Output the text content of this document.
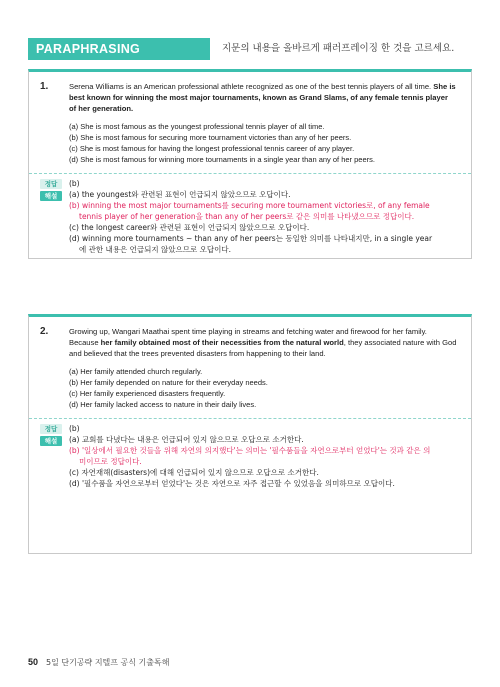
PARAPHRASING	지문의 내용을 올바르게 패러프레이징 한 것을 고르세요.
1.	Serena Williams is an American professional athlete recognized as one of the best tennis players of all time. She is best known for winning the most major tournaments, known as Grand Slams, of any female tennis player of her generation.

(a) She is most famous as the youngest professional tennis player of all time.
(b) She is most famous for securing more tournament victories than any of her peers.
(c) She is most famous for having the longest professional tennis career of any player.
(d) She is most famous for winning more tournaments in a single year than any of her peers.
정답
해설
(b)
(a) the youngest와 관련된 표현이 언급되지 않았으므로 오답이다.
(b) winning the most major tournaments를 securing more tournament victories로, of any female
tennis player of her generation을 than any of her peers로 같은 의미를 나타냈으므로 정답이다.
(c) the longest career와 관련된 표현이 언급되지 않았으므로 오답이다.
(d) winning more tournaments ~ than any of her peers는 동일한 의미를 나타내지만, in a single year
에 관한 내용은 언급되지 않았으므로 오답이다.
2.	Growing up, Wangari Maathai spent time playing in streams and fetching water and firewood for her family. Because her family obtained most of their necessities from the natural world, they associated nature with God and believed that the trees prevented disasters from happening to their land.

(a) Her family attended church regularly.
(b) Her family depended on nature for their everyday needs.
(c) Her family experienced disasters frequently.
(d) Her family lacked access to nature in their daily lives.
정답
해설
(b)
(a) 교회를 다녔다는 내용은 언급되어 있지 않으므로 오답으로 소거한다.
(b) '일상에서 필요한 것들을 위해 자연의 의지했다'는 의미는 '필수품들을 자연으로부터 얻었다'는 것과 같은 의
미이므로 정답이다.
(c) 자연재해(disasters)에 대해 언급되어 있지 않으므로 오답으로 소거한다.
(d) '필수품을 자연으로부터 얻었다'는 것은 자연으로 자주 접근할 수 있었음을 의미하므로 오답이다.
50 5일 단기공략 지텔프 공식 기출독해
